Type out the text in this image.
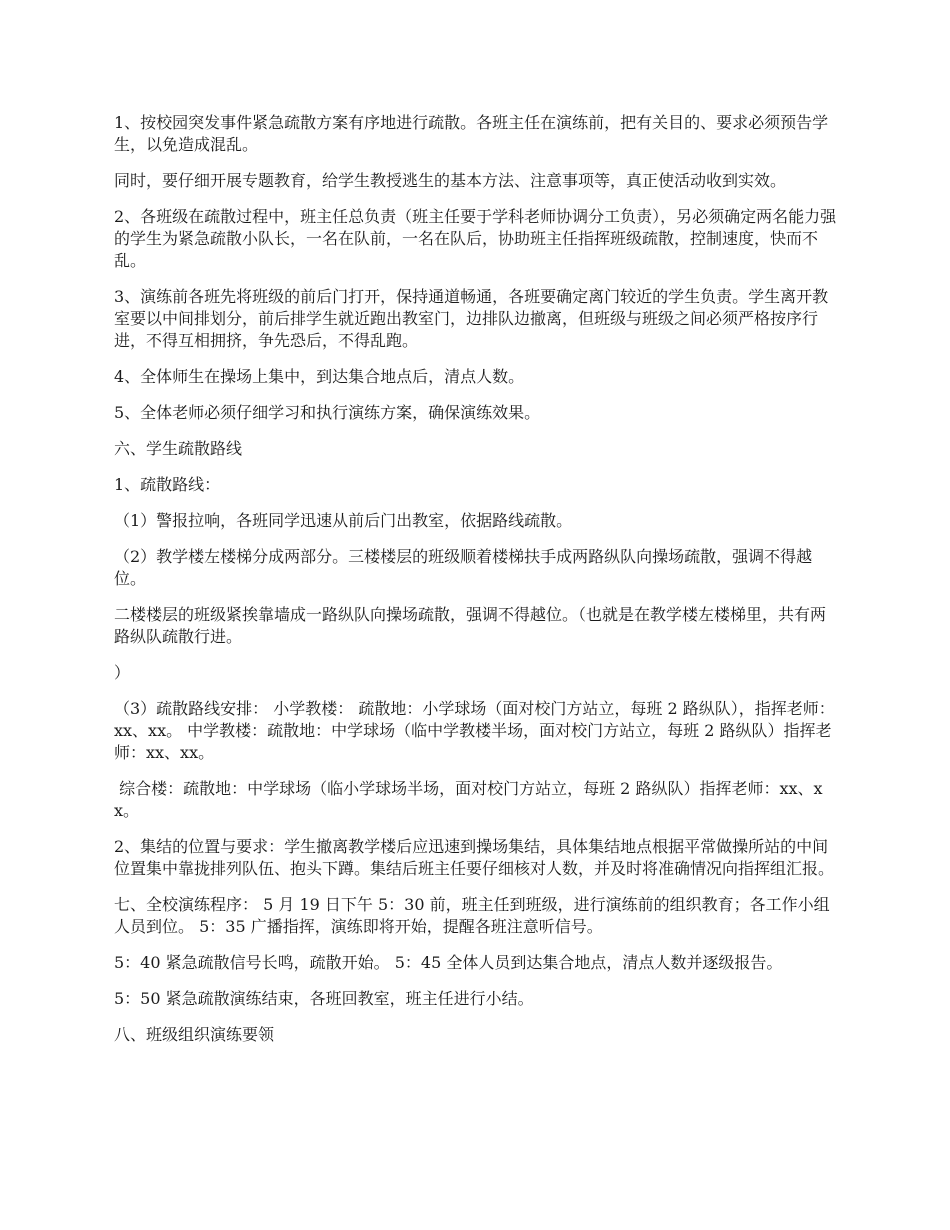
1、按校园突发事件紧急疏散方案有序地进行疏散。各班主任在演练前，把有关目的、要求必须预告学生，以免造成混乱。

同时，要仔细开展专题教育，给学生教授逃生的基本方法、注意事项等，真正使活动收到实效。

2、各班级在疏散过程中，班主任总负责（班主任要于学科老师协调分工负责），另必须确定两名能力强的学生为紧急疏散小队长，一名在队前，一名在队后，协助班主任指挥班级疏散，控制速度，快而不乱。

3、演练前各班先将班级的前后门打开，保持通道畅通，各班要确定离门较近的学生负责。学生离开教室要以中间排划分，前后排学生就近跑出教室门，边排队边撤离，但班级与班级之间必须严格按序行进，不得互相拥挤，争先恐后，不得乱跑。

4、全体师生在操场上集中，到达集合地点后，清点人数。

5、全体老师必须仔细学习和执行演练方案，确保演练效果。

六、学生疏散路线

1、疏散路线：

（1）警报拉响，各班同学迅速从前后门出教室，依据路线疏散。

（2）教学楼左楼梯分成两部分。三楼楼层的班级顺着楼梯扶手成两路纵队向操场疏散，强调不得越位。

二楼楼层的班级紧挨靠墙成一路纵队向操场疏散，强调不得越位。（也就是在教学楼左楼梯里，共有两路纵队疏散行进。

）

（3）疏散路线安排： 小学教楼： 疏散地：小学球场（面对校门方站立，每班 2 路纵队），指挥老师：xx、xx。 中学教楼：疏散地：中学球场（临中学教楼半场，面对校门方站立，每班 2 路纵队）指挥老师：xx、xx。

综合楼：疏散地：中学球场（临小学球场半场，面对校门方站立，每班 2 路纵队）指挥老师：xx、xx。

2、集结的位置与要求：学生撤离教学楼后应迅速到操场集结，具体集结地点根据平常做操所站的中间位置集中靠拢排列队伍、抱头下蹲。集结后班主任要仔细核对人数，并及时将准确情况向指挥组汇报。

七、全校演练程序： 5 月 19 日下午 5：30 前，班主任到班级，进行演练前的组织教育；各工作小组人员到位。 5：35 广播指挥，演练即将开始，提醒各班注意听信号。

5：40 紧急疏散信号长鸣，疏散开始。 5：45 全体人员到达集合地点，清点人数并逐级报告。

5：50 紧急疏散演练结束，各班回教室，班主任进行小结。

八、班级组织演练要领
